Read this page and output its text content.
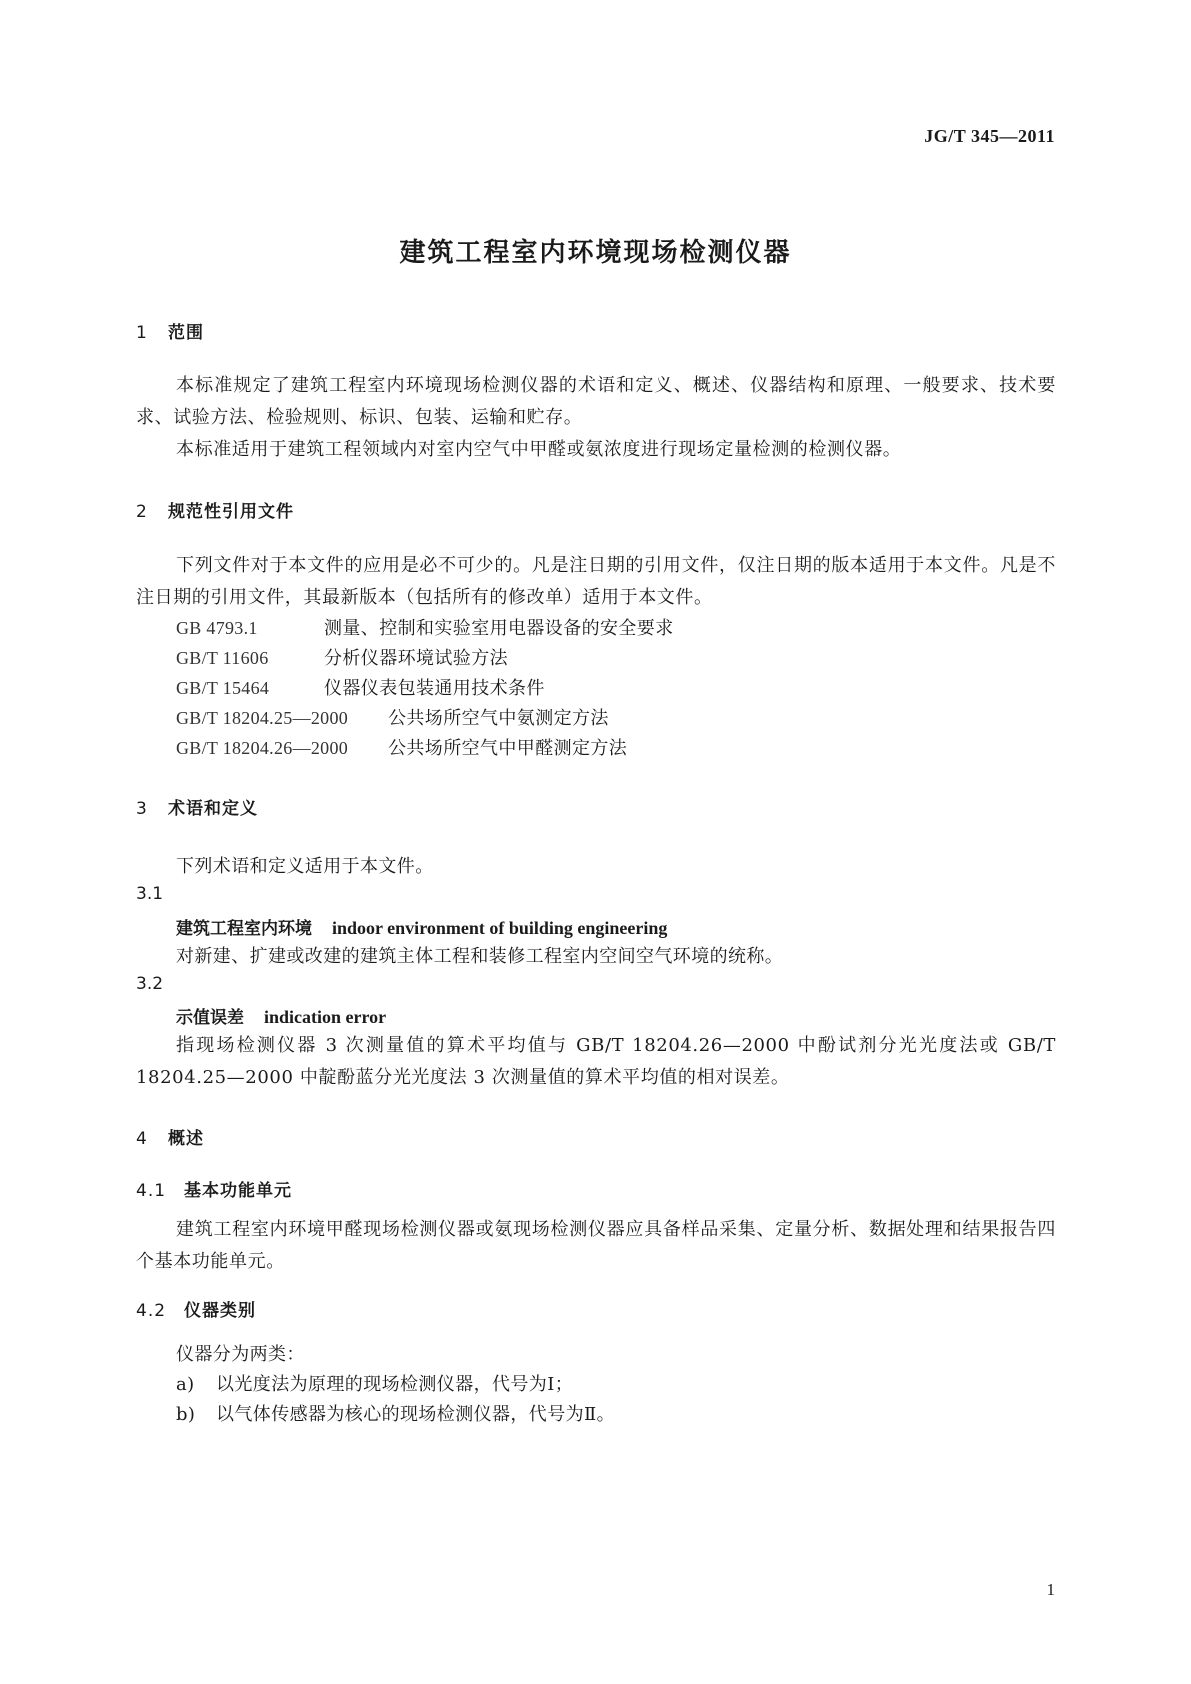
JG/T 345—2011
建筑工程室内环境现场检测仪器
1 范围
本标准规定了建筑工程室内环境现场检测仪器的术语和定义、概述、仪器结构和原理、一般要求、技术要求、试验方法、检验规则、标识、包装、运输和贮存。
本标准适用于建筑工程领域内对室内空气中甲醛或氨浓度进行现场定量检测的检测仪器。
2 规范性引用文件
下列文件对于本文件的应用是必不可少的。凡是注日期的引用文件，仅注日期的版本适用于本文件。凡是不注日期的引用文件，其最新版本（包括所有的修改单）适用于本文件。
GB 4793.1	测量、控制和实验室用电器设备的安全要求
GB/T 11606	分析仪器环境试验方法
GB/T 15464	仪器仪表包装通用技术条件
GB/T 18204.25—2000 公共场所空气中氨测定方法
GB/T 18204.26—2000 公共场所空气中甲醛测定方法
3 术语和定义
下列术语和定义适用于本文件。
3.1
建筑工程室内环境 indoor environment of building engineering
对新建、扩建或改建的建筑主体工程和装修工程室内空间空气环境的统称。
3.2
示值误差 indication error
指现场检测仪器 3 次测量值的算术平均值与 GB/T 18204.26—2000 中酚试剂分光光度法或 GB/T 18204.25—2000 中靛酚蓝分光光度法 3 次测量值的算术平均值的相对误差。
4 概述
4.1 基本功能单元
建筑工程室内环境甲醛现场检测仪器或氨现场检测仪器应具备样品采集、定量分析、数据处理和结果报告四个基本功能单元。
4.2 仪器类别
仪器分为两类：
a) 以光度法为原理的现场检测仪器，代号为Ⅰ；
b) 以气体传感器为核心的现场检测仪器，代号为Ⅱ。
1
